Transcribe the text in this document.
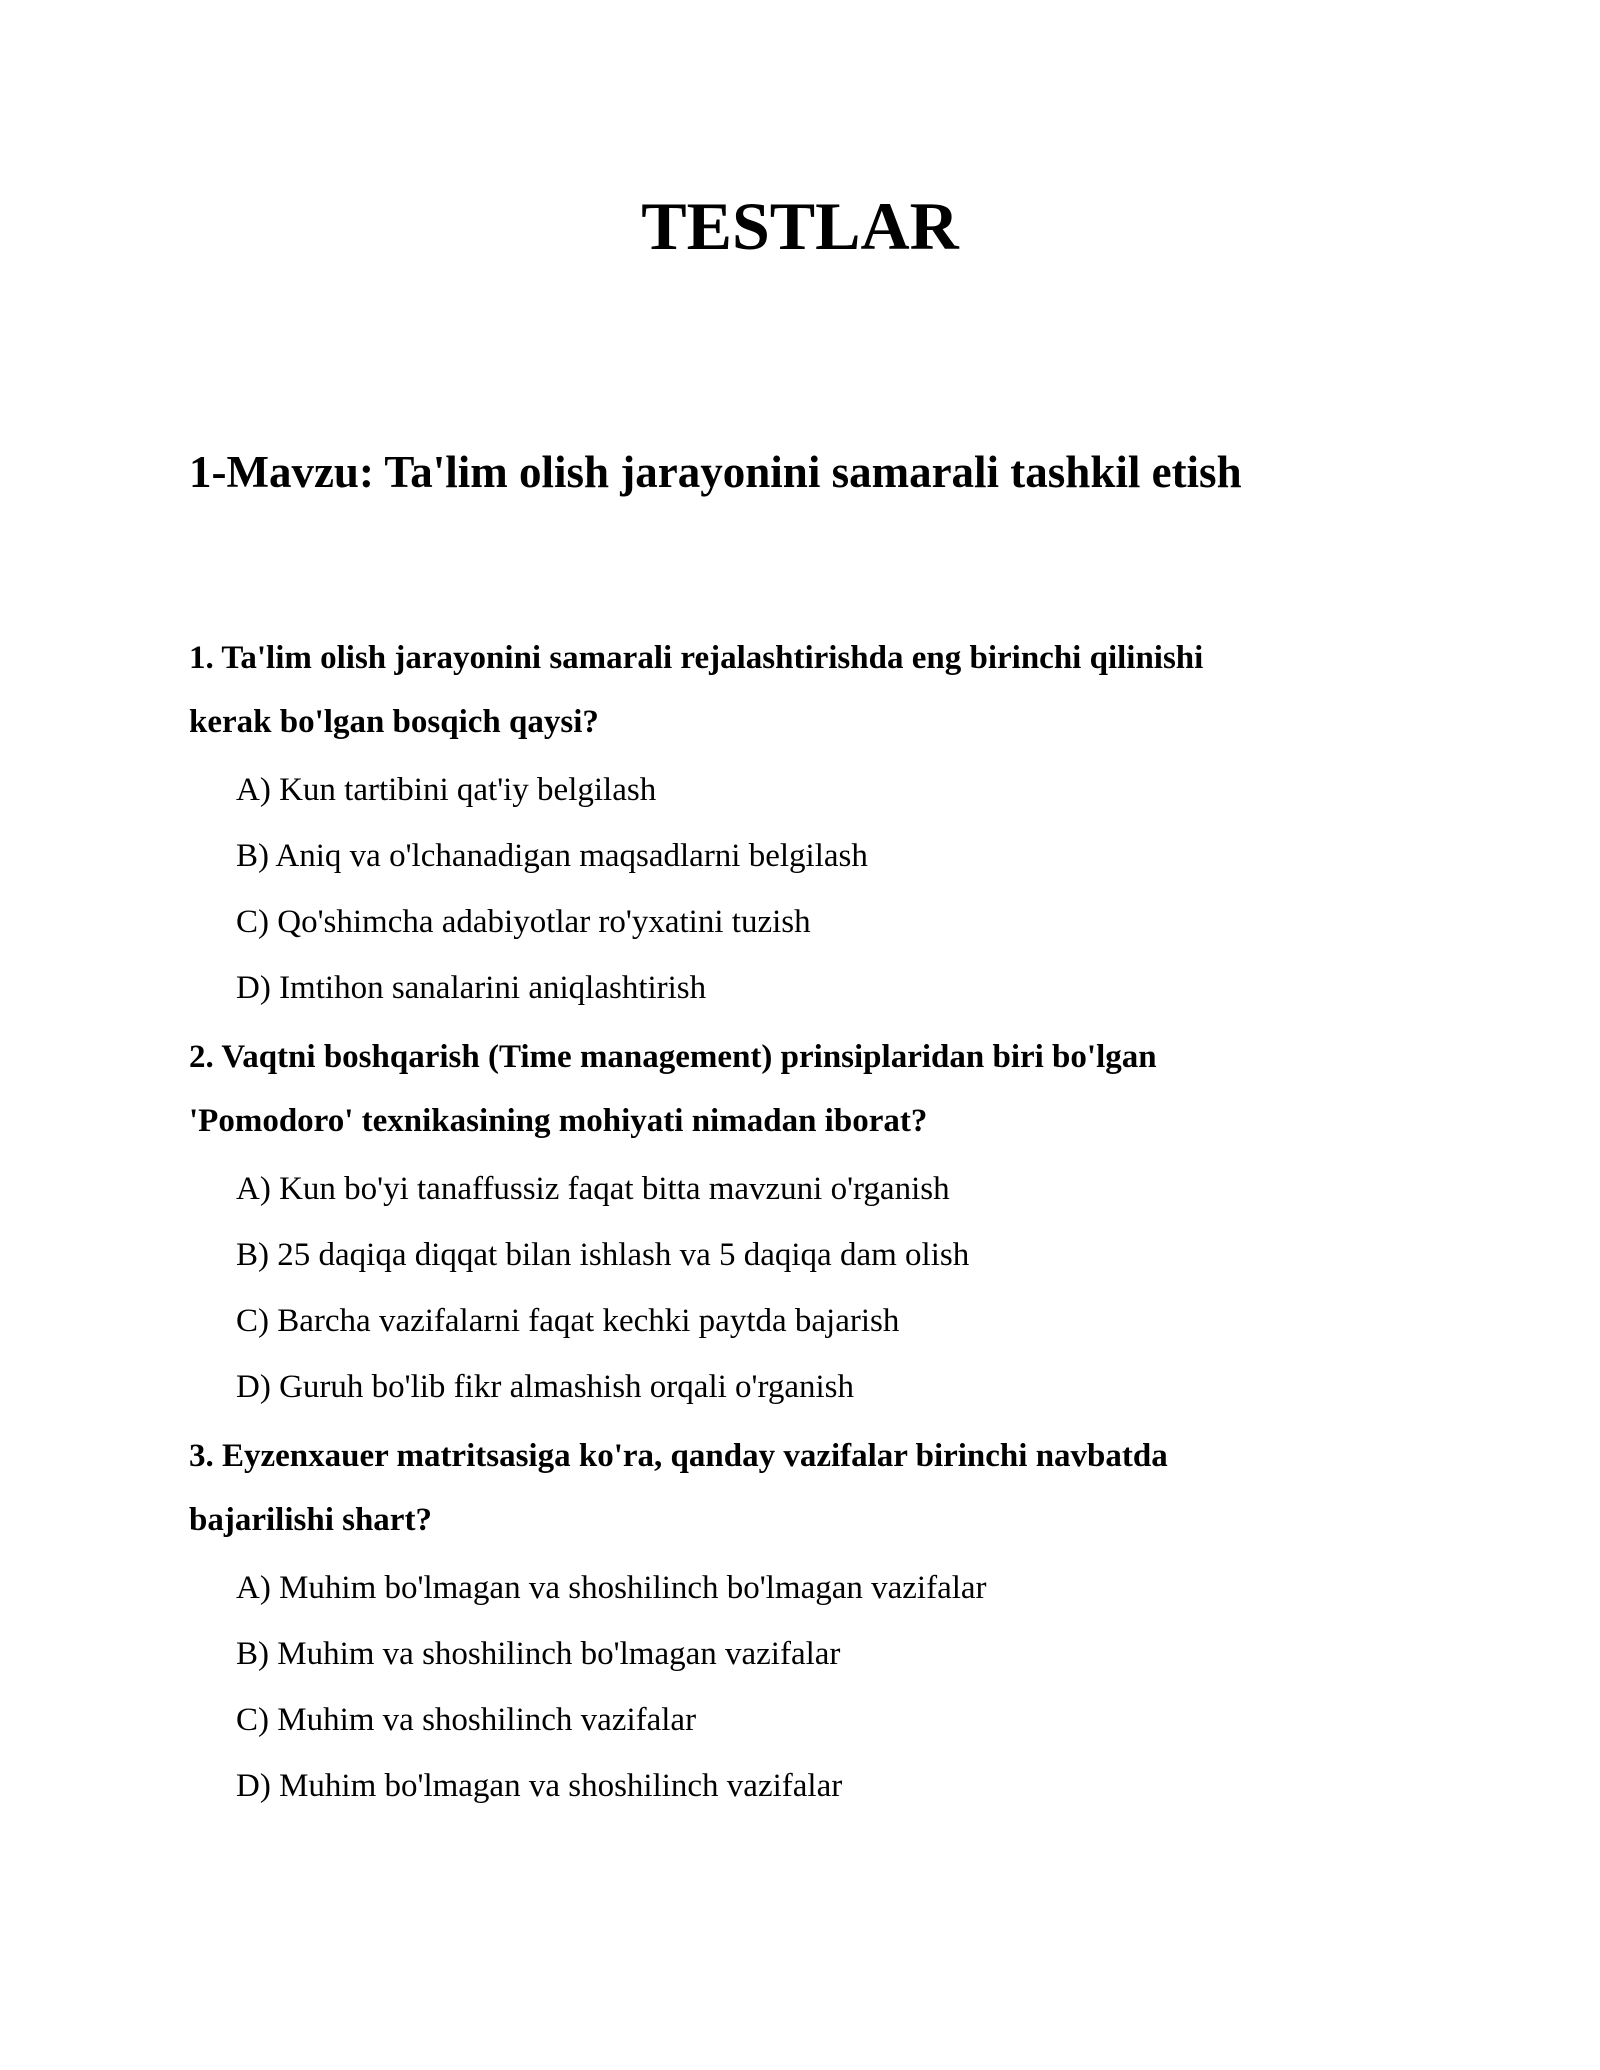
TESTLAR
1-Mavzu: Ta'lim olish jarayonini samarali tashkil etish

1. Ta'lim olish jarayonini samarali rejalashtirishda eng birinchi qilinishi
kerak bo'lgan bosqich qaysi?

A) Kun tartibini qat'iy belgilash
B) Aniq va o'lchanadigan maqsadlarni belgilash
C) Qo'shimcha adabiyotlar ro'yxatini tuzish
D) Imtihon sanalarini aniqlashtirish

2. Vaqtni boshqarish (Time management) prinsiplaridan biri bo'lgan
'Pomodoro' texnikasining mohiyati nimadan iborat?

A) Kun bo'yi tanaffussiz faqat bitta mavzuni o'rganish
B) 25 daqiqa diqqat bilan ishlash va 5 daqiqa dam olish
C) Barcha vazifalarni faqat kechki paytda bajarish
D) Guruh bo'lib fikr almashish orqali o'rganish

3. Eyzenxauer matritsasiga ko'ra, qanday vazifalar birinchi navbatda
bajarilishi shart?

A) Muhim bo'lmagan va shoshilinch bo'lmagan vazifalar
B) Muhim va shoshilinch bo'lmagan vazifalar
C) Muhim va shoshilinch vazifalar
D) Muhim bo'lmagan va shoshilinch vazifalar
